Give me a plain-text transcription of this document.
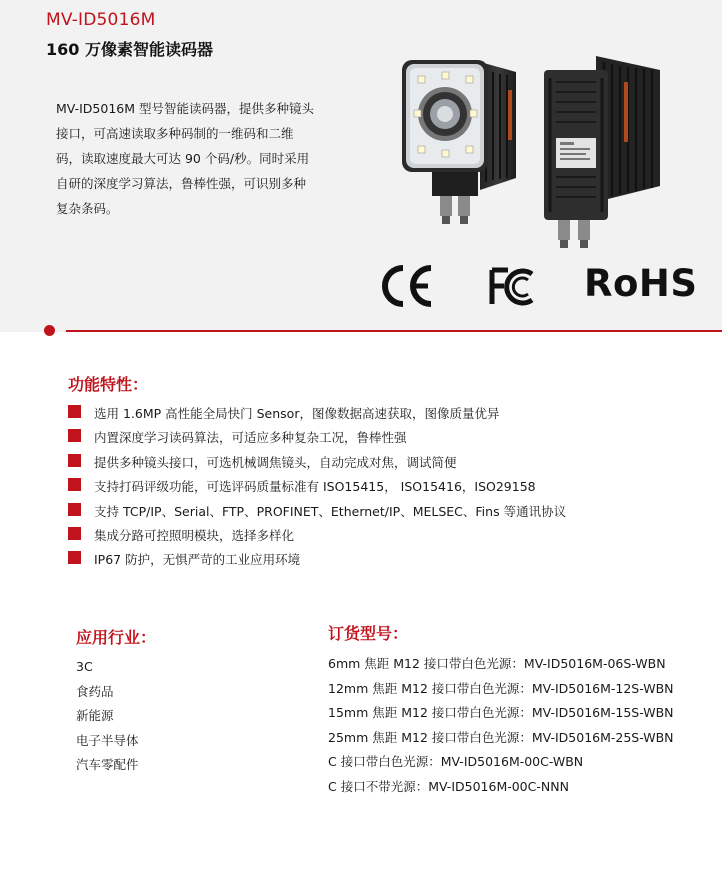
MV-ID5016M
160 万像素智能读码器

MV-ID5016M 型号智能读码器，提供多种镜头接口，可高速读取多种码制的一维码和二维码，读取速度最大可达 90 个码/秒。同时采用自研的深度学习算法，鲁棒性强，可识别多种复杂条码。

RoHS
功能特性：
选用 1.6MP 高性能全局快门 Sensor，图像数据高速获取，图像质量优异
内置深度学习读码算法，可适应多种复杂工况，鲁棒性强
提供多种镜头接口，可选机械调焦镜头，自动完成对焦，调试简便
支持打码评级功能，可选评码质量标准有 ISO15415， ISO15416，ISO29158
支持 TCP/IP、Serial、FTP、PROFINET、Ethernet/IP、MELSEC、Fins 等通讯协议
集成分路可控照明模块，选择多样化
IP67 防护，无惧严苛的工业应用环境
应用行业：
3C
食药品
新能源
电子半导体
汽车零配件
订货型号：
6mm 焦距 M12 接口带白色光源：MV-ID5016M-06S-WBN
12mm 焦距 M12 接口带白色光源：MV-ID5016M-12S-WBN
15mm 焦距 M12 接口带白色光源：MV-ID5016M-15S-WBN
25mm 焦距 M12 接口带白色光源：MV-ID5016M-25S-WBN
C 接口带白色光源：MV-ID5016M-00C-WBN
C 接口不带光源：MV-ID5016M-00C-NNN
